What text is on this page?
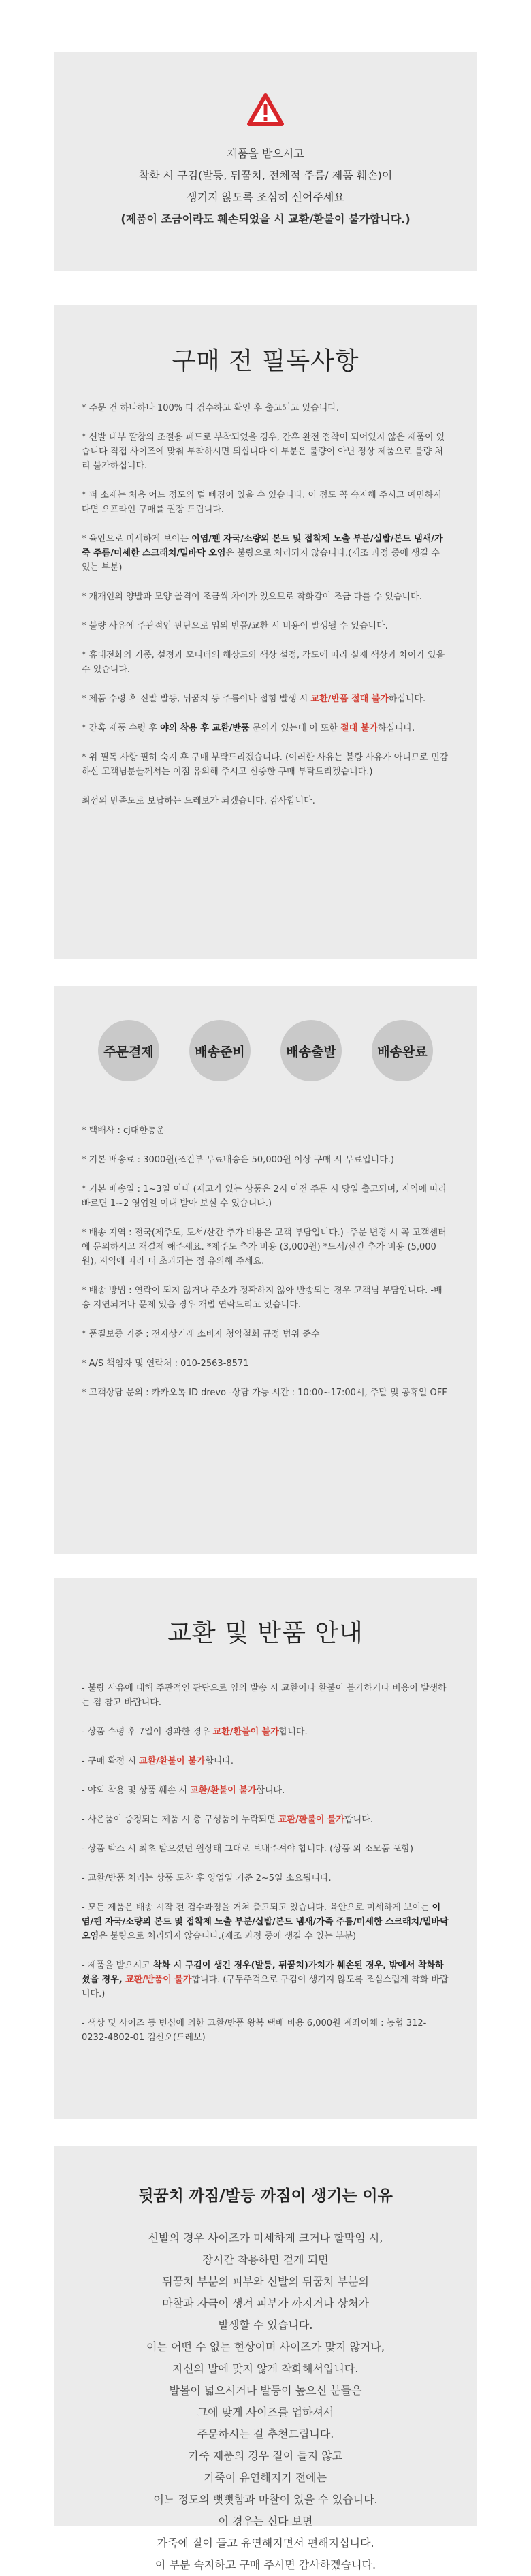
제품을 받으시고

착화 시 구김(발등, 뒤꿈치, 전체적 주름/ 제품 훼손)이

생기지 않도록 조심히 신어주세요

(제품이 조금이라도 훼손되었을 시 교환/환불이 불가합니다.)

구매 전 필독사항

* 주문 건 하나하나 100% 다 검수하고 확인 후 출고되고 있습니다.

* 신발 내부 깔창의 조절용 패드로 부착되었을 경우, 간혹 완전 접착이 되어있지 않은 제품이 있습니다 직접 사이즈에 맞춰 부착하시면 되십니다 이 부분은 불량이 아닌 정상 제품으로 불량 처리 불가하십니다.

* 퍼 소재는 처음 어느 정도의 털 빠짐이 있을 수 있습니다. 이 점도 꼭 숙지해 주시고 예민하시다면 오프라인 구매를 권장 드립니다.

* 육안으로 미세하게 보이는 이염/펜 자국/소량의 본드 및 접착제 노출 부분/실밥/본드 냄새/가죽 주름/미세한 스크래치/밑바닥 오염은 불량으로 처리되지 않습니다.(제조 과정 중에 생길 수 있는 부분)

* 개개인의 양발과 모양 골격이 조금씩 차이가 있으므로 착화감이 조금 다를 수 있습니다.

* 불량 사유에 주관적인 판단으로 임의 반품/교환 시 비용이 발생될 수 있습니다.

* 휴대전화의 기종, 설정과 모니터의 해상도와 색상 설정, 각도에 따라 실제 색상과 차이가 있을 수 있습니다.

* 제품 수령 후 신발 발등, 뒤꿈치 등 주름이나 접힘 발생 시 교환/반품 절대 불가하십니다.

* 간혹 제품 수령 후 야외 착용 후 교환/반품 문의가 있는데 이 또한 절대 불가하십니다.

* 위 필독 사항 필히 숙지 후 구매 부탁드리겠습니다. (이러한 사유는 불량 사유가 아니므로 민감하신 고객님분들께서는 이점 유의해 주시고 신중한 구매 부탁드리겠습니다.)

최선의 만족도로 보답하는 드레보가 되겠습니다. 감사합니다.

주문결제	배송준비	배송출발	배송완료

* 택배사 : cj대한통운

* 기본 배송료 : 3000원(조건부 무료배송은 50,000원 이상 구매 시 무료입니다.)

* 기본 배송일 : 1~3일 이내 (재고가 있는 상품은 2시 이전 주문 시 당일 출고되며, 지역에 따라 빠르면 1~2 영업일 이내 받아 보실 수 있습니다.)

* 배송 지역 : 전국(제주도, 도서/산간 추가 비용은 고객 부담입니다.) -주문 변경 시 꼭 고객센터에 문의하시고 재결제 해주세요. *제주도 추가 비용 (3,000원) *도서/산간 추가 비용 (5,000원), 지역에 따라 더 초과되는 점 유의해 주세요.

* 배송 방법 : 연락이 되지 않거나 주소가 정확하지 않아 반송되는 경우 고객님 부담입니다. -배송 지연되거나 문제 있을 경우 개별 연락드리고 있습니다.

* 품질보증 기준 : 전자상거래 소비자 청약철회 규정 범위 준수

* A/S 책임자 및 연락처 : 010-2563-8571

* 고객상담 문의 : 카카오톡 ID drevo -상담 가능 시간 : 10:00~17:00시, 주말 및 공휴일 OFF

교환 및 반품 안내

- 불량 사유에 대해 주관적인 판단으로 임의 발송 시 교환이나 환불이 불가하거나 비용이 발생하는 점 참고 바랍니다.

- 상품 수령 후 7일이 경과한 경우 교환/환불이 불가합니다.

- 구매 확정 시 교환/환불이 불가합니다.

- 야외 착용 및 상품 훼손 시 교환/환불이 불가합니다.

- 사은품이 증정되는 제품 시 총 구성품이 누락되면 교환/환불이 불가합니다.

- 상품 박스 시 최초 받으셨던 원상태 그대로 보내주셔야 합니다. (상품 외 소모품 포함)

- 교환/반품 처리는 상품 도착 후 영업일 기준 2~5일 소요됩니다.

- 모든 제품은 배송 시작 전 검수과정을 거쳐 출고되고 있습니다. 육안으로 미세하게 보이는 이염/펜 자국/소량의 본드 및 접착제 노출 부분/실밥/본드 냄새/가죽 주름/미세한 스크래치/밑바닥 오염은 불량으로 처리되지 않습니다.(제조 과정 중에 생길 수 있는 부분)

- 제품을 받으시고 착화 시 구김이 생긴 경우(발등, 뒤꿈치)가치가 훼손된 경우, 밖에서 착화하셨을 경우, 교환/반품이 불가합니다. (구두주걱으로 구김이 생기지 않도록 조심스럽게 착화 바랍니다.)

- 색상 및 사이즈 등 변심에 의한 교환/반품 왕복 택배 비용 6,000원 계좌이체 : 농협 312-0232-4802-01 김신오(드레보)

뒷꿈치 까짐/발등 까짐이 생기는 이유

신발의 경우 사이즈가 미세하게 크거나 할막임 시,

장시간 착용하면 걷게 되면

뒤꿈치 부분의 피부와 신발의 뒤꿈치 부분의

마찰과 자극이 생겨 피부가 까지거나 상처가

발생할 수 있습니다.

이는 어떤 수 없는 현상이며 사이즈가 맞지 않거나,

자신의 발에 맞지 않게 착화해서입니다.

발볼이 넓으시거나 발등이 높으신 분들은

그에 맞게 사이즈를 업하셔서

주문하시는 걸 추천드립니다.

가죽 제품의 경우 질이 들지 않고

가죽이 유연해지기 전에는

어느 정도의 뻣뻣함과 마찰이 있을 수 있습니다.

이 경우는 신다 보면

가죽에 질이 들고 유연해지면서 편해지십니다.

이 부분 숙지하고 구매 주시면 감사하겠습니다.
